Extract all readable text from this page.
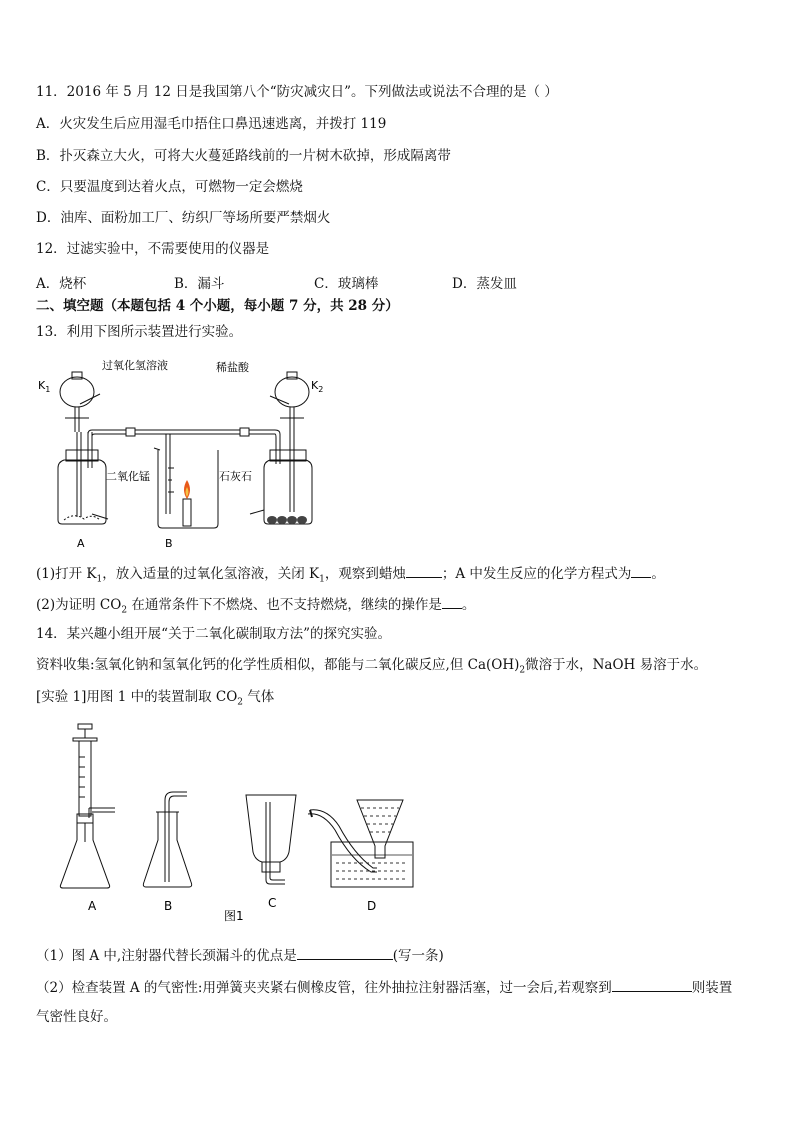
11．2016 年 5 月 12 日是我国第八个“防灾减灾日”。下列做法或说法不合理的是（ ）
A．火灾发生后应用湿毛巾捂住口鼻迅速逃离，并拨打 119
B．扑灭森立大火，可将大火蔓延路线前的一片树木砍掉，形成隔离带
C．只要温度到达着火点，可燃物一定会燃烧
D．油库、面粉加工厂、纺织厂等场所要严禁烟火
12．过滤实验中，不需要使用的仪器是
A．烧杯	B．漏斗	C．玻璃棒	D．蒸发皿
二、填空题（本题包括 4 个小题，每小题 7 分，共 28 分）
13．利用下图所示装置进行实验。
过氧化氢溶液	稀盐酸
$K_1$	$K_2$
二氧化锰	石灰石
A	B
(1)打开 $K_1$，放入适量的过氧化氢溶液，关闭 $K_1$，观察到蜡烛	；A 中发生反应的化学方程式为 。
(2)为证明 $CO_2$ 在通常条件下不燃烧、也不支持燃烧，继续的操作是 。
14．某兴趣小组开展“关于二氧化碳制取方法”的探究实验。
资料收集:氢氧化钠和氢氧化钙的化学性质相似，都能与二氧化碳反应,但 $Ca(OH)_2$微溶于水，NaOH 易溶于水。
[实验 1]用图 1 中的装置制取 $CO_2$ 气体
A	B	C	D
图1
（1）图 A 中,注射器代替长颈漏斗的优点是	(写一条)
（2）检查装置 A 的气密性:用弹簧夹夹紧右侧橡皮管，往外抽拉注射器活塞，过一会后,若观察到	则装置
气密性良好。
